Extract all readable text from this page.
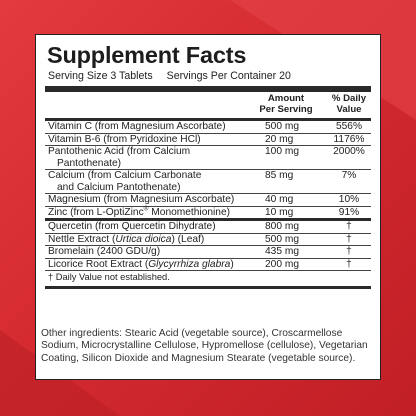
Supplement Facts
Serving Size 3 Tablets Servings Per Container 20
Amount
Per Serving
% Daily
Value
Vitamin C (from Magnesium Ascorbate)	500 mg	556%
Vitamin B-6 (from Pyridoxine HCl)	20 mg	1176%
Pantothenic Acid (from Calcium
Pantothenate)
100 mg	2000%
Calcium (from Calcium Carbonate
and Calcium Pantothenate)
85 mg	7%
Magnesium (from Magnesium Ascorbate)	40 mg	10%
Zinc (from L-OptiZinc® Monomethionine)	10 mg	91%
Quercetin (from Quercetin Dihydrate)	800 mg	†
Nettle Extract (Urtica dioica) (Leaf)	500 mg	†
Bromelain (2400 GDU/g)	435 mg	†
Licorice Root Extract (Glycyrrhiza glabra)	200 mg	†
† Daily Value not established.
Other ingredients: Stearic Acid (vegetable source), Croscarmellose Sodium, Microcrystalline Cellulose, Hypromellose (cellulose), Vegetarian Coating, Silicon Dioxide and Magnesium Stearate (vegetable source).
